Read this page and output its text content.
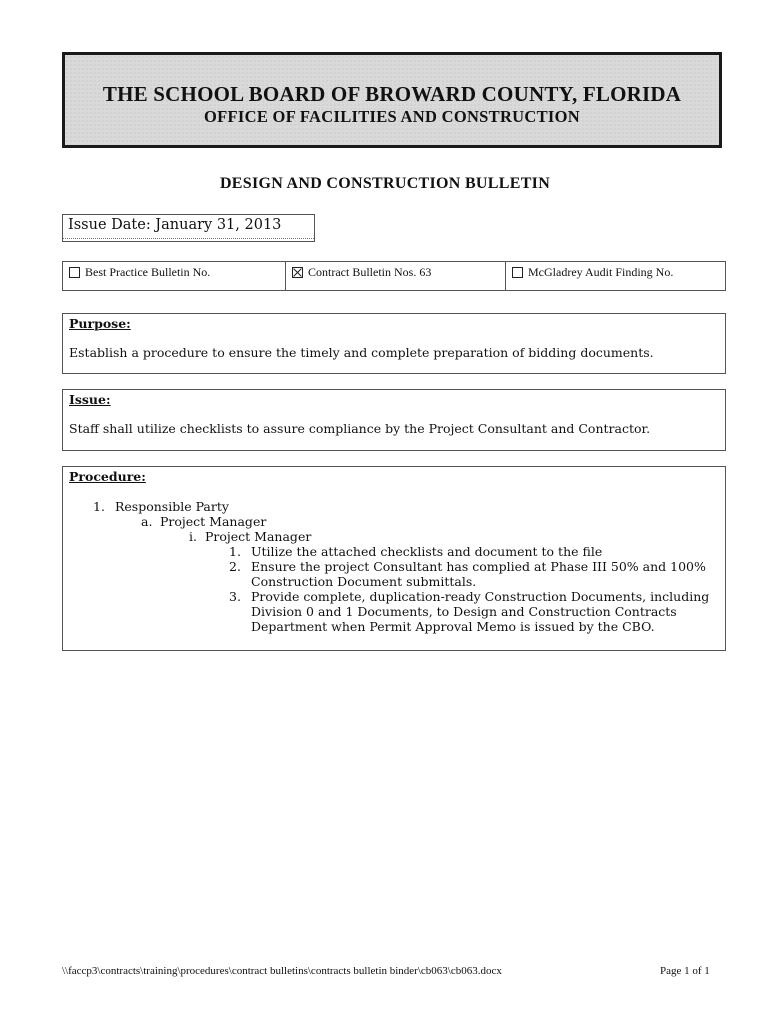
THE SCHOOL BOARD OF BROWARD COUNTY, FLORIDA
OFFICE OF FACILITIES AND CONSTRUCTION
DESIGN AND CONSTRUCTION BULLETIN
Issue Date: January 31, 2013
Best Practice Bulletin No.	Contract Bulletin Nos. 63	McGladrey Audit Finding No.
Purpose:
Establish a procedure to ensure the timely and complete preparation of bidding documents.
Issue:
Staff shall utilize checklists to assure compliance by the Project Consultant and Contractor.
Procedure:
1. Responsible Party
a. Project Manager
i. Project Manager
1. Utilize the attached checklists and document to the file
2. Ensure the project Consultant has complied at Phase III 50% and 100%
Construction Document submittals.
3. Provide complete, duplication-ready Construction Documents, including
Division 0 and 1 Documents, to Design and Construction Contracts
Department when Permit Approval Memo is issued by the CBO.
\\faccp3\contracts\training\procedures\contract bulletins\contracts bulletin binder\cb063\cb063.docx	Page 1 of 1
